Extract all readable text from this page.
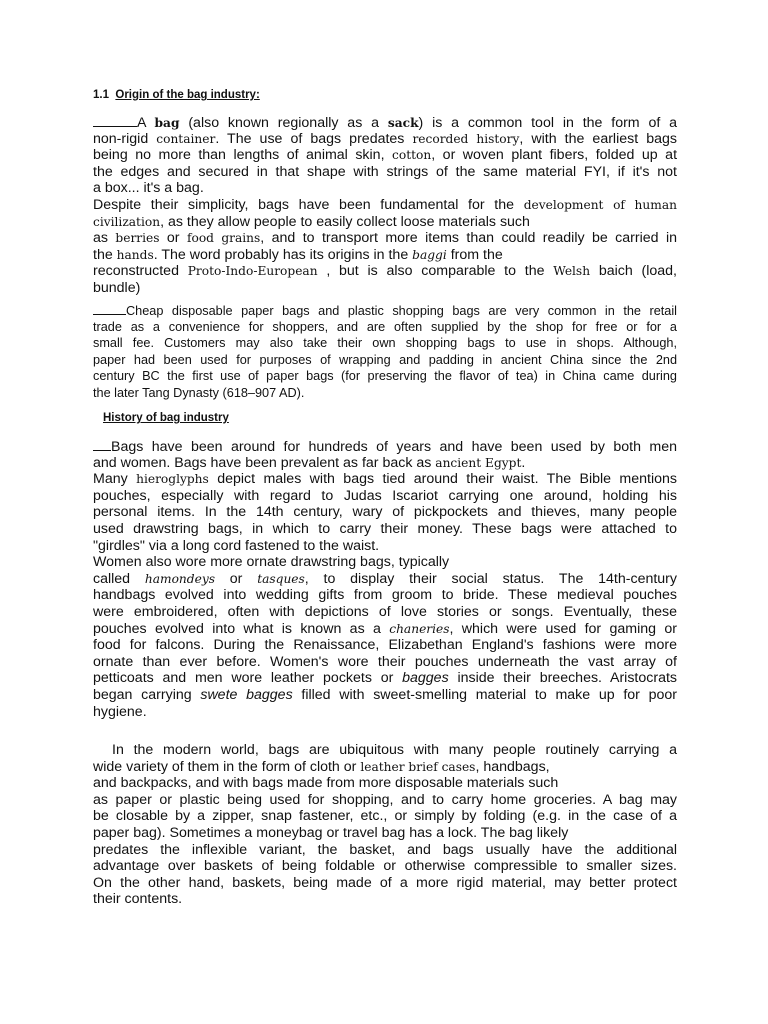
1.1 Origin of the bag industry:
A bag (also known regionally as a sack) is a common tool in the form of a
non-rigid container. The use of bags predates recorded history, with the earliest bags
being no more than lengths of animal skin, cotton, or woven plant fibers, folded up at
the edges and secured in that shape with strings of the same material FYI, if it's not
a box... it's a bag.
Despite their simplicity, bags have been fundamental for the development of human
civilization, as they allow people to easily collect loose materials such
as berries or food grains, and to transport more items than could readily be carried in
the hands. The word probably has its origins in the baggi from the
reconstructed Proto-Indo-European , but is also comparable to the Welsh baich (load,
bundle)
Cheap disposable paper bags and plastic shopping bags are very common in the retail
trade as a convenience for shoppers, and are often supplied by the shop for free or for a
small fee. Customers may also take their own shopping bags to use in shops. Although,
paper had been used for purposes of wrapping and padding in ancient China since the 2nd
century BC the first use of paper bags (for preserving the flavor of tea) in China came during
the later Tang Dynasty (618–907 AD).
History of bag industry
Bags have been around for hundreds of years and have been used by both men
and women. Bags have been prevalent as far back as ancient Egypt.
Many hieroglyphs depict males with bags tied around their waist. The Bible mentions
pouches, especially with regard to Judas Iscariot carrying one around, holding his
personal items. In the 14th century, wary of pickpockets and thieves, many people
used drawstring bags, in which to carry their money. These bags were attached to
"girdles" via a long cord fastened to the waist.
Women also wore more ornate drawstring bags, typically
called hamondeys or tasques, to display their social status. The 14th-century
handbags evolved into wedding gifts from groom to bride. These medieval pouches
were embroidered, often with depictions of love stories or songs. Eventually, these
pouches evolved into what is known as a chaneries, which were used for gaming or
food for falcons. During the Renaissance, Elizabethan England's fashions were more
ornate than ever before. Women's wore their pouches underneath the vast array of
petticoats and men wore leather pockets or bagges inside their breeches. Aristocrats
began carrying swete bagges filled with sweet-smelling material to make up for poor
hygiene.
In the modern world, bags are ubiquitous with many people routinely carrying a
wide variety of them in the form of cloth or leather brief cases, handbags,
and backpacks, and with bags made from more disposable materials such
as paper or plastic being used for shopping, and to carry home groceries. A bag may
be closable by a zipper, snap fastener, etc., or simply by folding (e.g. in the case of a
paper bag). Sometimes a moneybag or travel bag has a lock. The bag likely
predates the inflexible variant, the basket, and bags usually have the additional
advantage over baskets of being foldable or otherwise compressible to smaller sizes.
On the other hand, baskets, being made of a more rigid material, may better protect
their contents.
